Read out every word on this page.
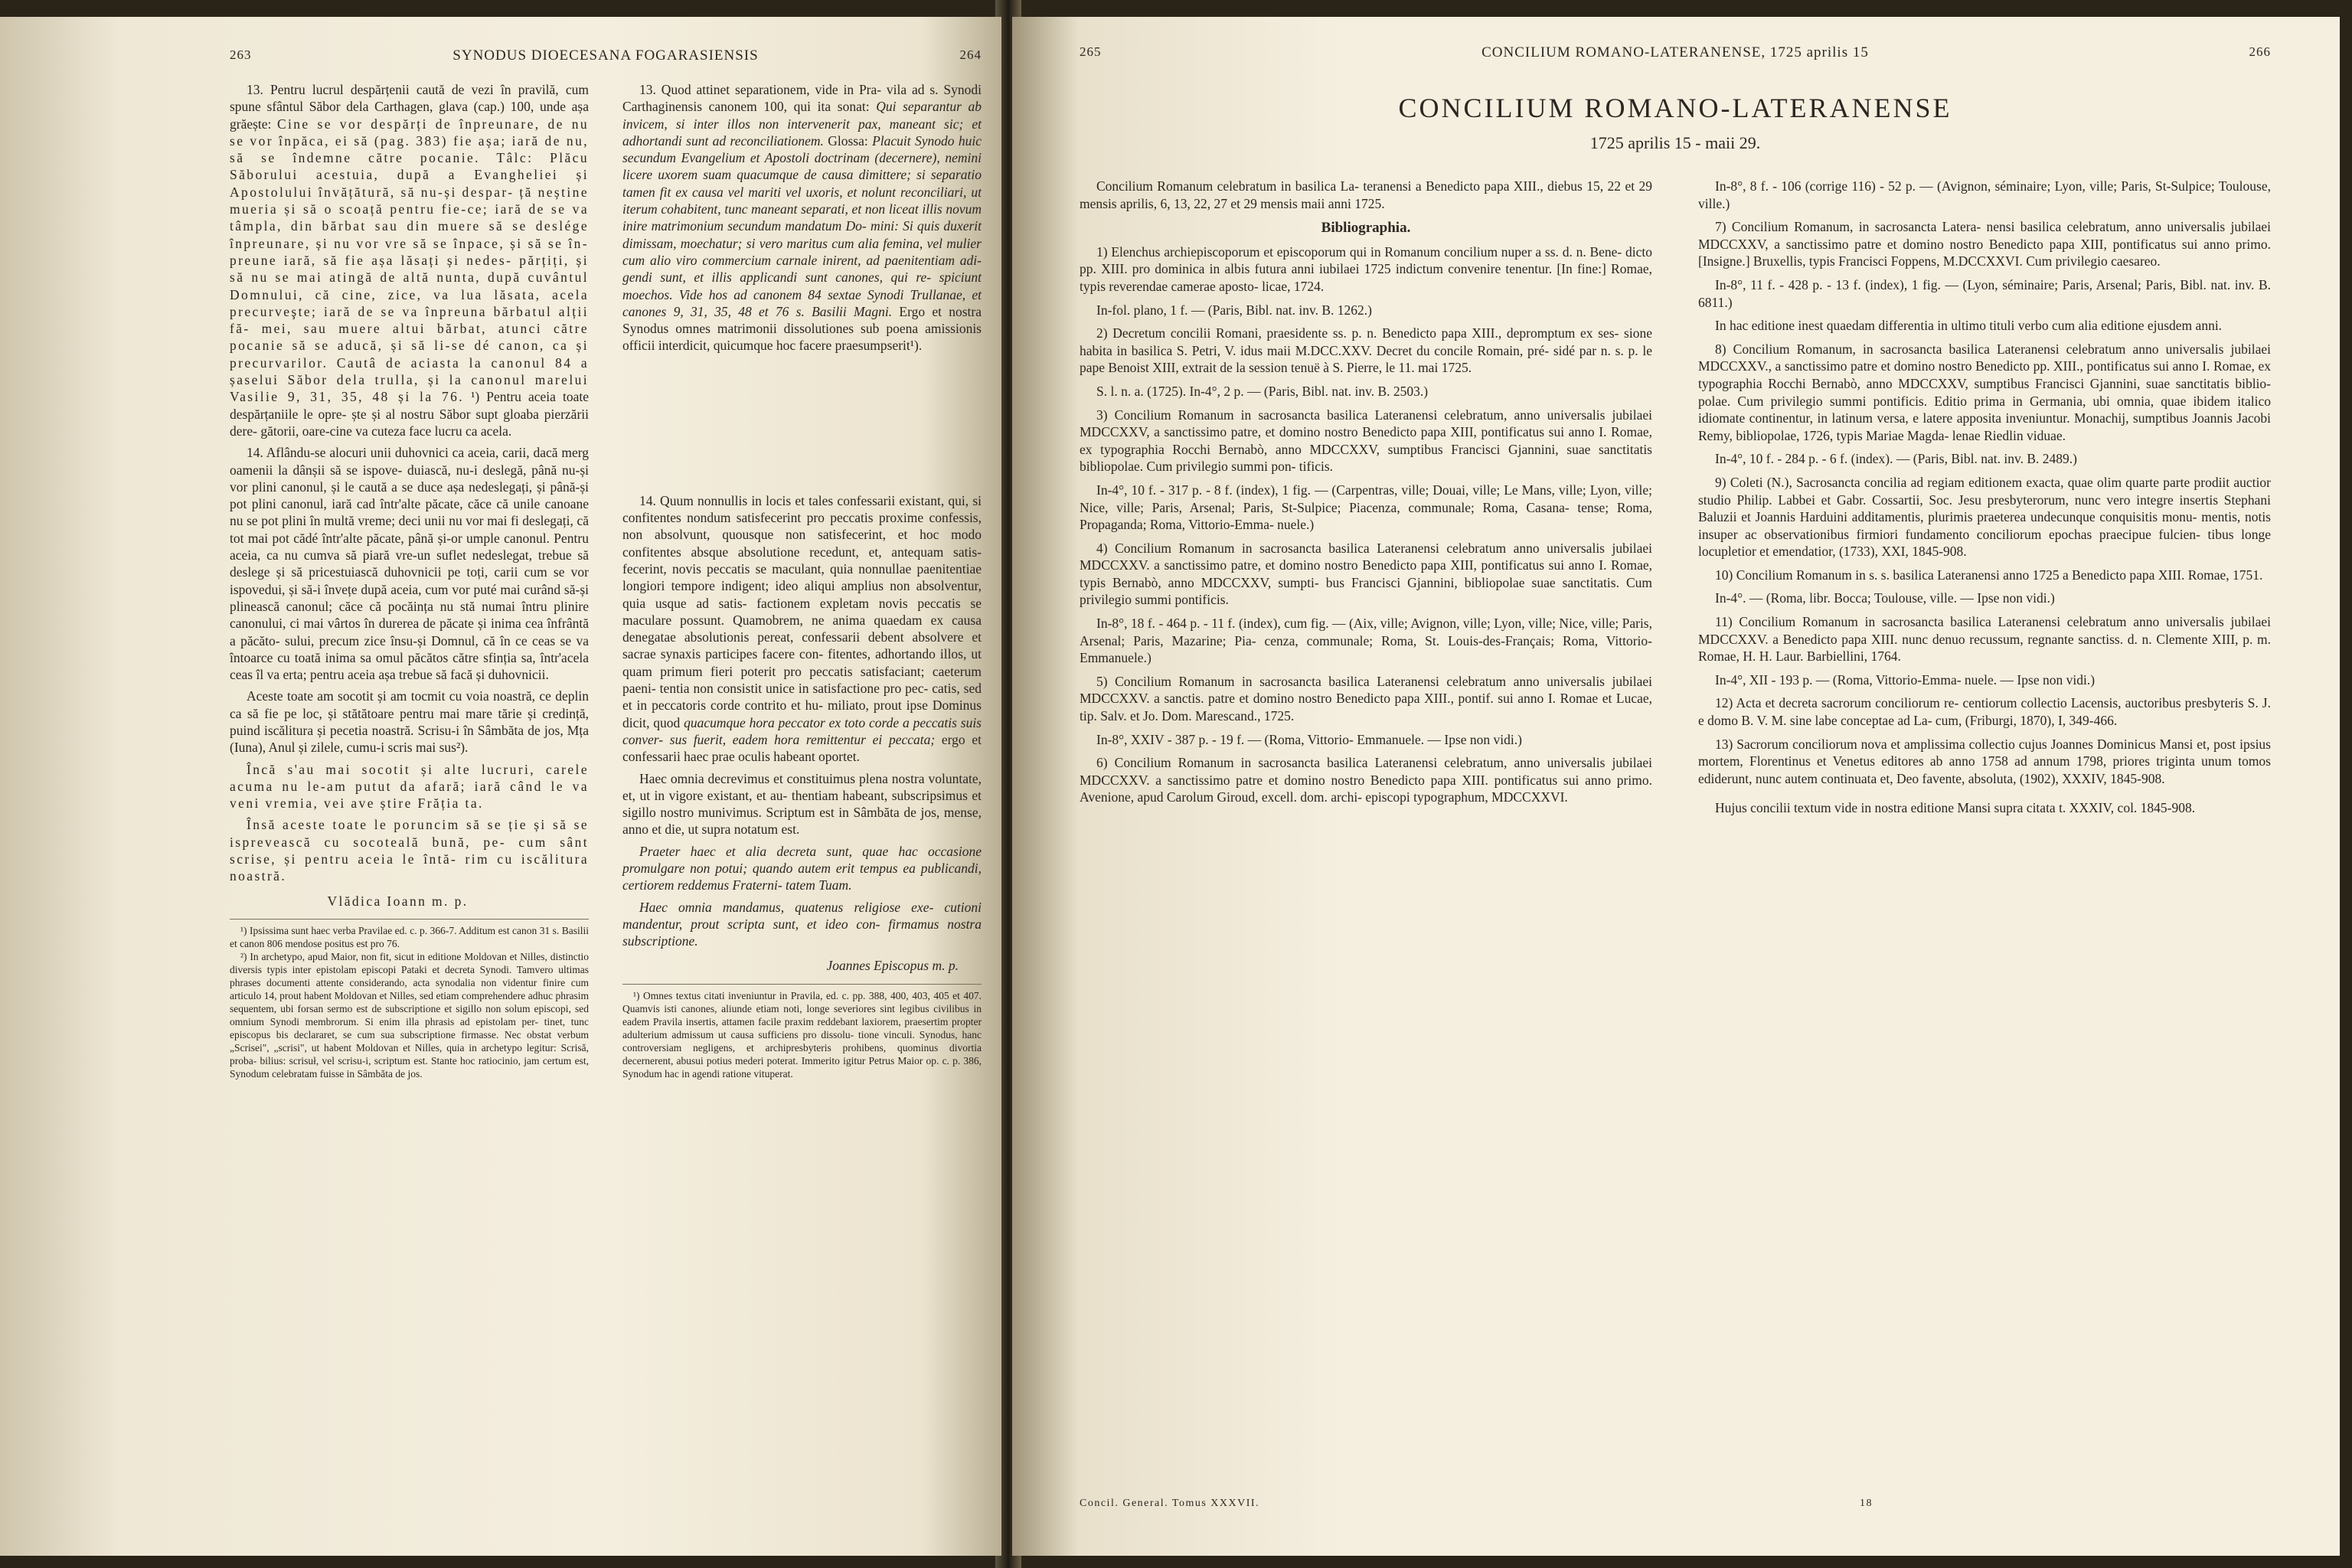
263	SYNODUS DIOECESANA FOGARASIENSIS	264

13. Pentru lucrul despărțenii caută de vezi în pravilă, cum spune sfântul Săbor dela Carthagen, glava (cap.) 100, unde așa grăește: Cine se vor despărți de înpreunare, de nu se vor înpăca, ei să (pag. 383) fie așa; iară de nu, să se îndemne către pocanie. Tâlc: Plăcu Săborului acestuia, după a Evangheliei și Apostolului învățătură, să nu-și despar- ță neștine mueria și să o scoață pentru fie-ce; iară de se va tâmpla, din bărbat sau din muere să se deslége înpreunare, și nu vor vre să se înpace, și să se în- preune iară, să fie așa lăsați și nedes- părțiți, și să nu se mai atingă de altă nunta, după cuvântul Domnului, că cine, zice, va lua lăsata, acela precurveşte; iară de se va înpreuna bărbatul alții fă- mei, sau muere altui bărbat, atunci către pocanie să se aducă, și să li-se dé canon, ca și precurvarilor. Cautâ de aciasta la canonul 84 a șaselui Săbor dela trulla, și la canonul marelui Vasilie 9, 31, 35, 48 și la 76. ¹) Pentru aceia toate despărțaniile le opre- ște și al nostru Săbor supt gloaba pierzării dere- gătorii, oare-cine va cuteza face lucru ca acela.

14. Aflându-se alocuri unii duhovnici ca aceia, carii, dacă merg oamenii la dânșii să se ispove- duiască, nu-i deslegă, până nu-și vor plini canonul, și le caută a se duce așa nedeslegați, și până-și pot plini canonul, iară cad într'alte păcate, căce că unile canoane nu se pot plini în multă vreme; deci unii nu vor mai fi deslegați, că tot mai pot cădé într'alte păcate, până și-or umple canonul. Pentru aceia, ca nu cumva să piară vre-un suflet nedeslegat, trebue să deslege și să pricestuiască duhovnicii pe toți, carii cum se vor ispovedui, și să-i învețe după aceia, cum vor puté mai curând să-și plinească canonul; căce că pocăința nu stă numai întru plinire canonului, ci mai vârtos în durerea de păcate și inima cea înfrântă a păcăto- sului, precum zice însu-și Domnul, că în ce ceas se va întoarce cu toată inima sa omul păcătos către sfinția sa, într'acela ceas îl va erta; pentru aceia așa trebue să facă și duhovnicii.

Aceste toate am socotit și am tocmit cu voia noastră, ce deplin ca să fie pe loc, și stătătoare pentru mai mare tărie și credință, puind iscălitura și pecetia noastră. Scrisu-i în Sâmbăta de jos, Mța (Iuna), Anul și zilele, cumu-i scris mai sus²).

Încă s'au mai socotit și alte lucruri, carele acuma nu le-am putut da afară; iară când le va veni vremia, vei ave știre Frăția ta.

Însă aceste toate le poruncim să se ție și să se isprevească cu socoteală bună, pe- cum sânt scrise, și pentru aceia le întă- rim cu iscălitura noastră.

Vlădica Ioann m. p.

¹) Ipsissima sunt haec verba Pravilae ed. c. p. 366-7. Additum est canon 31 s. Basilii et canon 806 mendose positus est pro 76.

²) In archetypo, apud Maior, non fit, sicut in editione Moldovan et Nilles, distinctio diversis typis inter epistolam episcopi Pataki et decreta Synodi. Tamvero ultimas phrases documenti attente considerando, acta synodalia non videntur finire cum articulo 14, prout habent Moldovan et Nilles, sed etiam comprehendere adhuc phrasim sequentem, ubi forsan sermo est de subscriptione et sigillo non solum episcopi, sed omnium Synodi membrorum. Si enim illa phrasis ad epistolam per- tinet, tunc episcopus bis declararet, se cum sua subscriptione firmasse. Nec obstat verbum „Scrisei", „scrisi", ut habent Moldovan et Nilles, quia in archetypo legitur: Scrisă, proba- bilius: scrisuł, vel scrisu-i, scriptum est. Stante hoc ratiocinio, jam certum est, Synodum celebratam fuisse in Sâmbăta de jos.

13. Quod attinet separationem, vide in Pra- vila ad s. Synodi Carthaginensis canonem 100, qui ita sonat: Qui separantur ab invicem, si inter illos non intervenerit pax, maneant sic; et adhortandi sunt ad reconciliationem. Glossa: Placuit Synodo huic secundum Evangelium et Apostoli doctrinam (decernere), nemini licere uxorem suam quacumque de causa dimittere; si separatio tamen fit ex causa vel mariti vel uxoris, et nolunt reconciliari, ut iterum cohabitent, tunc maneant separati, et non liceat illis novum inire matrimonium secundum mandatum Do- mini: Si quis duxerit dimissam, moechatur; si vero maritus cum alia femina, vel mulier cum alio viro commercium carnale inirent, ad paenitentiam adi- gendi sunt, et illis applicandi sunt canones, qui re- spiciunt moechos. Vide hos ad canonem 84 sextae Synodi Trullanae, et canones 9, 31, 35, 48 et 76 s. Basilii Magni. Ergo et nostra Synodus omnes matrimonii dissolutiones sub poena amissionis officii interdicit, quicumque hoc facere praesumpserit¹).

14. Quum nonnullis in locis et tales confessarii existant, qui, si confitentes nondum satisfecerint pro peccatis proxime confessis, non absolvunt, quousque non satisfecerint, et hoc modo confitentes absque absolutione recedunt, et, antequam satis- fecerint, novis peccatis se maculant, quia nonnullae paenitentiae longiori tempore indigent; ideo aliqui amplius non absolventur, quia usque ad satis- factionem expletam novis peccatis se maculare possunt. Quamobrem, ne anima quaedam ex causa denegatae absolutionis pereat, confessarii debent absolvere et sacrae synaxis participes facere con- fitentes, adhortando illos, ut quam primum fieri poterit pro peccatis satisfaciant; caeterum paeni- tentia non consistit unice in satisfactione pro pec- catis, sed et in peccatoris corde contrito et hu- miliato, prout ipse Dominus dicit, quod quacumque hora peccator ex toto corde a peccatis suis conver- sus fuerit, eadem hora remittentur ei peccata; ergo et confessarii haec prae oculis habeant oportet.

Haec omnia decrevimus et constituimus plena nostra voluntate, et, ut in vigore existant, et au- thentiam habeant, subscripsimus et sigillo nostro munivimus. Scriptum est in Sâmbăta de jos, mense, anno et die, ut supra notatum est.

Praeter haec et alia decreta sunt, quae hac occasione promulgare non potui; quando autem erit tempus ea publicandi, certiorem reddemus Fraterni- tatem Tuam.

Haec omnia mandamus, quatenus religiose exe- cutioni mandentur, prout scripta sunt, et ideo con- firmamus nostra subscriptione.

Joannes Episcopus m. p.

¹) Omnes textus citati inveniuntur in Pravila, ed. c. pp. 388, 400, 403, 405 et 407. Quamvis isti canones, aliunde etiam noti, longe severiores sint legibus civilibus in eadem Pravila insertis, attamen facile praxim reddebant laxiorem, praesertim propter adulterium admissum ut causa sufficiens pro dissolu- tione vinculi. Synodus, hanc controversiam negligens, et archipresbyteris prohibens, quominus divortia decernerent, abusui potius mederi poterat. Immerito igitur Petrus Maior op. c. p. 386, Synodum hac in agendi ratione vituperat.

265	CONCILIUM ROMANO-LATERANENSE, 1725 aprilis 15	266
CONCILIUM ROMANO-LATERANENSE
1725 aprilis 15 - maii 29.

Concilium Romanum celebratum in basilica La- teranensi a Benedicto papa XIII., diebus 15, 22 et 29 mensis aprilis, 6, 13, 22, 27 et 29 mensis maii anni 1725.

Bibliographia.

1) Elenchus archiepiscoporum et episcoporum qui in Romanum concilium nuper a ss. d. n. Bene- dicto pp. XIII. pro dominica in albis futura anni iubilaei 1725 indictum convenire tenentur. [In fine:] Romae, typis reverendae camerae aposto- licae, 1724.

In-fol. plano, 1 f. — (Paris, Bibl. nat. inv. B. 1262.)

2) Decretum concilii Romani, praesidente ss. p. n. Benedicto papa XIII., depromptum ex ses- sione habita in basilica S. Petri, V. idus maii M.DCC.XXV. Decret du concile Romain, pré- sidé par n. s. p. le pape Benoist XIII, extrait de la session tenuë à S. Pierre, le 11. mai 1725.

S. l. n. a. (1725). In-4°, 2 p. — (Paris, Bibl. nat. inv. B. 2503.)

3) Concilium Romanum in sacrosancta basilica Lateranensi celebratum, anno universalis jubilaei MDCCXXV, a sanctissimo patre, et domino nostro Benedicto papa XIII, pontificatus sui anno I. Romae, ex typographia Rocchi Bernabò, anno MDCCXXV, sumptibus Francisci Gjannini, suae sanctitatis bibliopolae. Cum privilegio summi pon- tificis.

In-4°, 10 f. - 317 p. - 8 f. (index), 1 fig. — (Carpentras, ville; Douai, ville; Le Mans, ville; Lyon, ville; Nice, ville; Paris, Arsenal; Paris, St-Sulpice; Piacenza, communale; Roma, Casana- tense; Roma, Propaganda; Roma, Vittorio-Emma- nuele.)

4) Concilium Romanum in sacrosancta basilica Lateranensi celebratum anno universalis jubilaei MDCCXXV. a sanctissimo patre, et domino nostro Benedicto papa XIII, pontificatus sui anno I. Romae, typis Bernabò, anno MDCCXXV, sumpti- bus Francisci Gjannini, bibliopolae suae sanctitatis. Cum privilegio summi pontificis.

In-8°, 18 f. - 464 p. - 11 f. (index), cum fig. — (Aix, ville; Avignon, ville; Lyon, ville; Nice, ville; Paris, Arsenal; Paris, Mazarine; Pia- cenza, communale; Roma, St. Louis-des-Français; Roma, Vittorio-Emmanuele.)

5) Concilium Romanum in sacrosancta basilica Lateranensi celebratum anno universalis jubilaei MDCCXXV. a sanctis. patre et domino nostro Benedicto papa XIII., pontif. sui anno I. Romae et Lucae, tip. Salv. et Jo. Dom. Marescand., 1725.

In-8°, XXIV - 387 p. - 19 f. — (Roma, Vittorio- Emmanuele. — Ipse non vidi.)

6) Concilium Romanum in sacrosancta basilica Lateranensi celebratum, anno universalis jubilaei MDCCXXV. a sanctissimo patre et domino nostro Benedicto papa XIII. pontificatus sui anno primo. Avenione, apud Carolum Giroud, excell. dom. archi- episcopi typographum, MDCCXXVI.

In-8°, 8 f. - 106 (corrige 116) - 52 p. — (Avignon, séminaire; Lyon, ville; Paris, St-Sulpice; Toulouse, ville.)

7) Concilium Romanum, in sacrosancta Latera- nensi basilica celebratum, anno universalis jubilaei MDCCXXV, a sanctissimo patre et domino nostro Benedicto papa XIII, pontificatus sui anno primo. [Insigne.] Bruxellis, typis Francisci Foppens, M.DCCXXVI. Cum privilegio caesareo.

In-8°, 11 f. - 428 p. - 13 f. (index), 1 fig. — (Lyon, séminaire; Paris, Arsenal; Paris, Bibl. nat. inv. B. 6811.)

In hac editione inest quaedam differentia in ultimo tituli verbo cum alia editione ejusdem anni.

8) Concilium Romanum, in sacrosancta basilica Lateranensi celebratum anno universalis jubilaei MDCCXXV., a sanctissimo patre et domino nostro Benedicto pp. XIII., pontificatus sui anno I. Romae, ex typographia Rocchi Bernabò, anno MDCCXXV, sumptibus Francisci Gjannini, suae sanctitatis biblio- polae. Cum privilegio summi pontificis. Editio prima in Germania, ubi omnia, quae ibidem italico idiomate continentur, in latinum versa, e latere apposita inveniuntur. Monachij, sumptibus Joannis Jacobi Remy, bibliopolae, 1726, typis Mariae Magda- lenae Riedlin viduae.

In-4°, 10 f. - 284 p. - 6 f. (index). — (Paris, Bibl. nat. inv. B. 2489.)

9) Coleti (N.), Sacrosancta concilia ad regiam editionem exacta, quae olim quarte parte prodiit auctior studio Philip. Labbei et Gabr. Cossartii, Soc. Jesu presbyterorum, nunc vero integre insertis Stephani Baluzii et Joannis Harduini additamentis, plurimis praeterea undecunque conquisitis monu- mentis, notis insuper ac observationibus firmiori fundamento conciliorum epochas praecipue fulcien- tibus longe locupletior et emendatior, (1733), XXI, 1845-908.

10) Concilium Romanum in s. s. basilica Lateranensi anno 1725 a Benedicto papa XIII. Romae, 1751.

In-4°. — (Roma, libr. Bocca; Toulouse, ville. — Ipse non vidi.)

11) Concilium Romanum in sacrosancta basilica Lateranensi celebratum anno universalis jubilaei MDCCXXV. a Benedicto papa XIII. nunc denuo recussum, regnante sanctiss. d. n. Clemente XIII, p. m. Romae, H. H. Laur. Barbiellini, 1764.

In-4°, XII - 193 p. — (Roma, Vittorio-Emma- nuele. — Ipse non vidi.)

12) Acta et decreta sacrorum conciliorum re- centiorum collectio Lacensis, auctoribus presbyteris S. J. e domo B. V. M. sine labe conceptae ad La- cum, (Friburgi, 1870), I, 349-466.

13) Sacrorum conciliorum nova et amplissima collectio cujus Joannes Dominicus Mansi et, post ipsius mortem, Florentinus et Venetus editores ab anno 1758 ad annum 1798, priores triginta unum tomos ediderunt, nunc autem continuata et, Deo favente, absoluta, (1902), XXXIV, 1845-908.

Hujus concilii textum vide in nostra editione Mansi supra citata t. XXXIV, col. 1845-908.

Concil. General. Tomus XXXVII.	18
